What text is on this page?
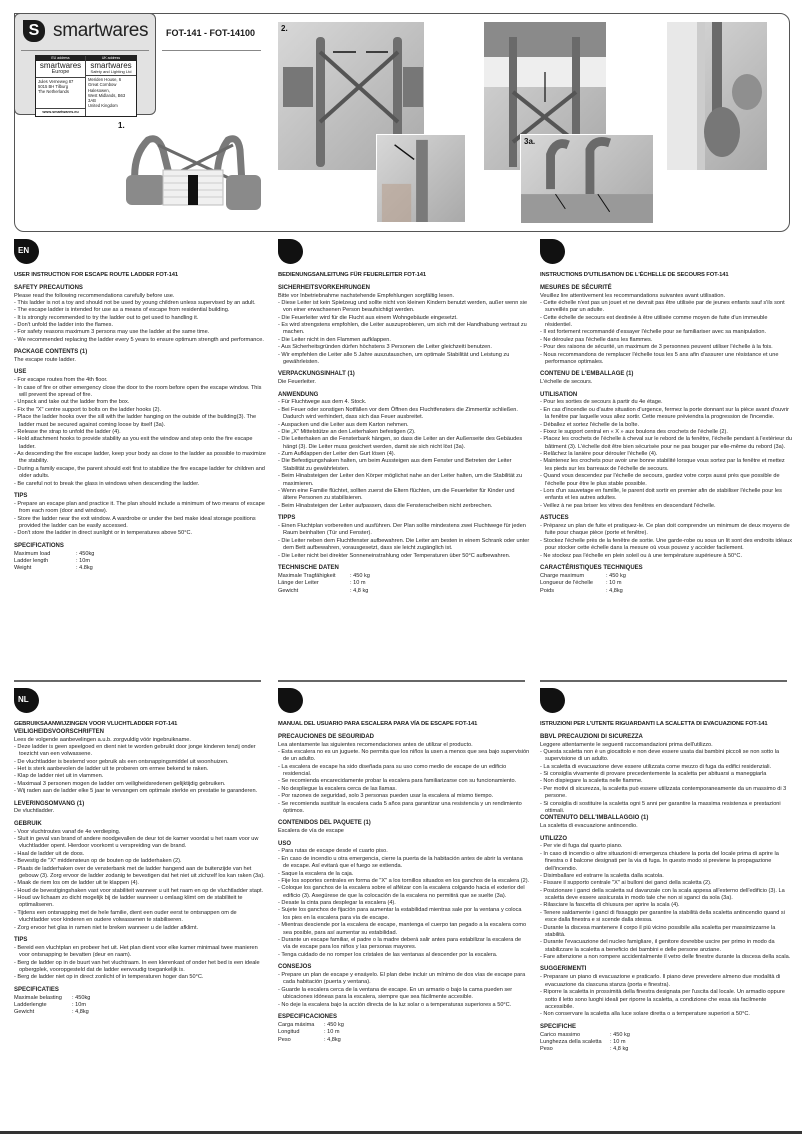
S smartwares
EU address
smartwares
Europe
Jules Verneweg 87
5015 BH Tilburg
The Netherlands
www.smartwares.eu
UK address
smartwares
Safety and Lighting Ltd
Meriden House, 6
Great Cornbow Halesowen,
West Midlands, B63 3AB
United Kingdom
FOT-141 - FOT-14100
1.
2.
3a.
EN
USER INSTRUCTION FOR ESCAPE ROUTE LADDER FOT-141
SAFETY PRECAUTIONS
Please read the following recommendations carefully before use.
- This ladder is not a toy and should not be used by young children unless supervised by an adult.
- The escape ladder is intended for use as a means of escape from residential building.
- It is strongly recommended to try the ladder out to get used to handling it.
- Don't unfold the ladder into the flames.
- For safety reasons maximum 3 persons may use the ladder at the same time.
- We recommended replacing the ladder every 5 years to ensure optimum strength and performance.
PACKAGE CONTENTS (1)
The escape route ladder.
USE
- For escape routes from the 4th floor.
- In case of fire or other emergency close the door to the room before open the escape window. This will prevent the spread of fire.
- Unpack and take out the ladder from the box.
- Fix the "X" centre support to bolts on the ladder hooks (2).
- Place the ladder hooks over the sill with the ladder hanging on the outside of the building(3). The ladder must be secured against coming loose by itself (3a).
- Release the strap to unfold the ladder (4).
- Hold attachment hooks to provide stability as you exit the window and step onto the fire escape ladder.
- As descending the fire escape ladder, keep your body as close to the ladder as possible to maximize the stability.
- During a family escape, the parent should exit first to stabilize the fire escape ladder for children and older adults.
- Be careful not to break the glass in windows when descending the ladder.
TIPS
- Prepare an escape plan and practice it. The plan should include a minimum of two means of escape from each room (door and window).
- Store the ladder near the exit window. A wardrobe or under the bed make ideal storage positions provided the ladder can be easily accessed.
- Don't store the ladder in direct sunlight or in temperatures above 50°C.
SPECIFICATIONS
Maximum load	: 450kg
Ladder length	: 10m
Weight	: 4.8kg
BEDIENUNGSANLEITUNG FÜR FEUERLEITER FOT-141
SICHERHEITSVORKEHRUNGEN
Bitte vor Inbetriebnahme nachstehende Empfehlungen sorgfältig lesen.
- Diese Leiter ist kein Spielzeug und sollte nicht von kleinen Kindern benutzt werden, außer wenn sie von einer erwachsenen Person beaufsichtigt werden.
- Die Feuerleiter wird für die Flucht aus einem Wohngebäude eingesetzt.
- Es wird strengstens empfohlen, die Leiter auszuprobieren, um sich mit der Handhabung vertraut zu machen.
- Die Leiter nicht in den Flammen aufklappen.
- Aus Sicherheitsgründen dürfen höchstens 3 Personen die Leiter gleichzeiti benutzen.
- Wir empfehlen die Leiter alle 5 Jahre auszutauschen, um optimale Stabilität und Leistung zu gewährleisten.
VERPACKUNGSINHALT (1)
Die Feuerleiter.
ANWENDUNG
- Für Fluchtwege aus dem 4. Stock.
- Bei Feuer oder sonstigen Notfällen vor dem Öffnen des Fluchtfensters die Zimmertür schließen. Dadurch wird verhindert, dass sich das Feuer ausbreitet.
- Auspacken und die Leiter aus dem Karton nehmen.
- Die „X" Mittelstütze an den Leiterhaken befestigen (2).
- Die Leiterhaken an die Fensterbank hängen, so dass die Leiter an der Außenseite des Gebäudes hängt (3). Die Leiter muss gesichert werden, damit sie sich nicht löst (3a).
- Zum Aufklappen der Leiter den Gurt lösen (4).
- Die Befestigungshaken halten, um beim Aussteigen aus dem Fenster und Betreten der Leiter Stabilität zu gewährleisten.
- Beim Hinabsteigen der Leiter den Körper möglichst nahe an der Leiter halten, um die Stabilität zu maximieren.
- Wenn eine Familie flüchtet, sollten zuerst die Eltern flüchten, um die Feuerleiter für Kinder und ältere Personen zu stabilisieren.
- Beim Hinabsteigen der Leiter aufpassen, dass die Fensterscheiben nicht zerbrechen.
TIPPS
- Einen Fluchtplan vorbereiten und ausführen. Der Plan sollte mindestens zwei Fluchtwege für jeden Raum beinhalten (Tür und Fenster).
- Die Leiter neben dem Fluchtfenster aufbewahren. Die Leiter am besten in einem Schrank oder unter dem Bett aufbewahren, vorausgesetzt, dass sie leicht zugänglich ist.
- Die Leiter nicht bei direkter Sonneneinstrahlung oder Temperaturen über 50°C aufbewahren.
TECHNISCHE DATEN
Maximale Tragfähigkeit	: 450 kg
Länge der Leiter	: 10 m
Gewicht	: 4,8 kg
INSTRUCTIONS D'UTILISATION DE L'ÉCHELLE DE SECOURS FOT-141
MESURES DE SÉCURITÉ
Veuillez lire attentivement les recommandations suivantes avant utilisation.
- Cette échelle n'est pas un jouet et ne devrait pas être utilisée par de jeunes enfants sauf s'ils sont surveillés par un adulte.
- Cette échelle de secours est destinée à être utilisée comme moyen de fuite d'un immeuble résidentiel.
- Il est fortement recommandé d'essayer l'échelle pour se familiariser avec sa manipulation.
- Ne déroulez pas l'échelle dans les flammes.
- Pour des raisons de sécurité, un maximum de 3 personnes peuvent utiliser l'échelle à la fois.
- Nous recommandons de remplacer l'échelle tous les 5 ans afin d'assurer une résistance et une performance optimales.
CONTENU DE L'EMBALLAGE (1)
L'échelle de secours.
UTILISATION
- Pour les sorties de secours à partir du 4e étage.
- En cas d'incendie ou d'autre situation d'urgence, fermez la porte donnant sur la pièce avant d'ouvrir la fenêtre par laquelle vous allez sortir. Cette mesure préviendra la progression de l'incendie.
- Déballez et sortez l'échelle de la boîte.
- Fixez le support central en « X » aux boulons des crochets de l'échelle (2).
- Placez les crochets de l'échelle à cheval sur le rebord de la fenêtre, l'échelle pendant à l'extérieur du bâtiment (3). L'échelle doit être bien sécurisée pour ne pas bouger par elle-même du rebord (3a).
- Relâchez la lanière pour dérouler l'échelle (4).
- Maintenez les crochets pour avoir une bonne stabilité lorsque vous sortez par la fenêtre et mettez les pieds sur les barreaux de l'échelle de secours.
- Quand vous descendez par l'échelle de secours, gardez votre corps aussi près que possible de l'échelle pour être le plus stable possible.
- Lors d'un sauvetage en famille, le parent doit sortir en premier afin de stabiliser l'échelle pour les enfants et les autres adultes.
- Veillez à ne pas briser les vitres des fenêtres en descendant l'échelle.
ASTUCES
- Préparez un plan de fuite et pratiquez-le. Ce plan doit comprendre un minimum de deux moyens de fuite pour chaque pièce (porte et fenêtre).
- Stockez l'échelle près de la fenêtre de sortie. Une garde-robe ou sous un lit sont des endroits idéaux pour stocker cette échelle dans la mesure où vous pouvez y accéder facilement.
- Ne stockez pas l'échelle en plein soleil ou à une température supérieure à 50°C.
CARACTÉRISTIQUES TECHNIQUES
Charge maximum	: 450 kg
Longueur de l'échelle	: 10 m
Poids	: 4,8kg
NL
GEBRUIKSAANWIJZINGEN VOOR VLUCHTLADDER FOT-141
VEILIGHEIDSVOORSCHRIFTEN
Lees de volgende aanbevelingen a.u.b. zorgvuldig vóór ingebruikname.
- Deze ladder is geen speelgoed en dient niet te worden gebruikt door jonge kinderen tenzij onder toezicht van een volwassene.
- De vluchtladder is bestemd voor gebruik als een ontsnappingsmiddel uit woonhuizen.
- Het is sterk aanbevolen de ladder uit te proberen om ermee bekend te raken.
- Klap de ladder niet uit in vlammen.
- Maximaal 3 personen mogen de ladder om veiligheidsredenen gelijktijdig gebruiken.
- Wij raden aan de ladder elke 5 jaar te vervangen om optimale sterkte en prestatie te garanderen.
LEVERINGSOMVANG (1)
De vluchtladder.
GEBRUIK
- Voor vluchtroutes vanaf de 4e verdieping.
- Sluit in geval van brand of andere noodgevallen de deur tot de kamer voordat u het raam voor uw vluchtladder opent. Hierdoor voorkomt u verspreiding van de brand.
- Haal de ladder uit de doos.
- Bevestig de "X" middensteun op de bouten op de ladderhaken (2).
- Plaats de ladderhaken over de vensterbank met de ladder hangend aan de buitenzijde van het gebouw (3). Zorg ervoor de ladder zodanig te bevestigen dat het niet uit zichzelf los kan raken (3a).
- Maak de riem los om de ladder uit te klappen (4).
- Houd de bevestigingshaken vast voor stabiliteit wanneer u uit het raam en op de vluchtladder stapt.
- Houd uw lichaam zo dicht mogelijk bij de ladder wanneer u omlaag klimt om de stabiliteit te optimaliseren.
- Tijdens een ontsnapping met de hele familie, dient een ouder eerst te ontsnappen om de vluchtladder voor kinderen en oudere volwassenen te stabiliseren.
- Zorg ervoor het glas in ramen niet te breken wanneer u de ladder afklimt.
TIPS
- Bereid een vluchtplan en probeer het uit. Het plan dient voor elke kamer minimaal twee manieren voor ontsnapping te bevatten (deur en raam).
- Berg de ladder op in de buurt van het vluchtraam. In een klerenkast of onder het bed is een ideale opbergplek, vooropgesteld dat de ladder eenvoudig toegankelijk is.
- Berg de ladder niet op in direct zonlicht of in temperaturen hoger dan 50°C.
SPECIFICATIES
Maximale belasting	: 450kg
Ladderlengte	: 10m
Gewicht	: 4,8kg
MANUAL DEL USUARIO PARA ESCALERA PARA VÍA DE ESCAPE FOT-141
PRECAUCIONES DE SEGURIDAD
Lea atentamente las siguientes recomendaciones antes de utilizar el producto.
- Esta escalera no es un juguete. No permita que los niños la usen a menos que sea bajo supervisión de un adulto.
- La escalera de escape ha sido diseñada para su uso como medio de escape de un edificio residencial.
- Se recomienda encarecidamente probar la escalera para familiarizarse con su funcionamiento.
- No despliegue la escalera cerca de las llamas.
- Por razones de seguridad, solo 3 personas pueden usar la escalera al mismo tiempo.
- Se recomienda sustituir la escalera cada 5 años para garantizar una resistencia y un rendimiento óptimos.
CONTENIDOS DEL PAQUETE (1)
Escalera de vía de escape
USO
- Para rutas de escape desde el cuarto piso.
- En caso de incendio u otra emergencia, cierre la puerta de la habitación antes de abrir la ventana de escape. Así evitará que el fuego se extienda.
- Saque la escalera de la caja.
- Fije los soportes centrales en forma de "X" a los tornillos situados en los ganchos de la escalera (2).
- Coloque los ganchos de la escalera sobre el alféizar con la escalera colgando hacia el exterior del edificio (3). Asegúrese de que la colocación de la escalera no permitirá que se suelte (3a).
- Desate la cinta para desplegar la escalera (4).
- Sujete los ganchos de fijación para aumentar la estabilidad mientras sale por la ventana y coloca los pies en la escalera para vía de escape.
- Mientras desciende por la escalera de escape, mantenga el cuerpo tan pegado a la escalera como sea posible, para así aumentar su estabilidad.
- Durante un escape familiar, el padre o la madre deberá salir antes para estabilizar la escalera de vía de escape para los niños y las personas mayores.
- Tenga cuidado de no romper los cristales de las ventanas al descender por la escalera.
CONSEJOS
- Prepare un plan de escape y ensáyelo. El plan debe incluir un mínimo de dos vías de escape para cada habitación (puerta y ventana).
- Guarde la escalera cerca de la ventana de escape. En un armario o bajo la cama pueden ser ubicaciones idóneas para la escalera, siempre que sea fácilmente accesible.
- No deje la escalera bajo la acción directa de la luz solar o a temperaturas superiores a 50°C.
ESPECIFICACIONES
Carga máxima	: 450 kg
Longitud	: 10 m
Peso	: 4,8kg
ISTRUZIONI PER L'UTENTE RIGUARDANTI LA SCALETTA DI EVACUAZIONE FOT-141
BBVL PRECAUZIONI DI SICUREZZA
Leggere attentamente le seguenti raccomandazioni prima dell'utilizzo.
- Questa scaletta non è un giocattolo e non deve essere usata dai bambini piccoli se non sotto la supervisione di un adulto.
- La scaletta di evacuazione deve essere utilizzata come mezzo di fuga da edifici residenziali.
- Si consiglia vivamente di provare precedentemente la scaletta per abituarsi a maneggiarla
- Non dispiegare la scaletta nelle fiamme.
- Per motivi di sicurezza, la scaletta può essere utilizzata contemporaneamente da un massimo di 3 persone.
- Si consiglia di sostituire la scaletta ogni 5 anni per garantire la massima resistenza e prestazioni ottimali.
CONTENUTO DELL'IMBALLAGGIO (1)
La scaletta di evacuazione antincendio.
UTILIZZO
- Per vie di fuga dal quarto piano.
- In caso di incendio o altre situazioni di emergenza chiudere la porta del locale prima di aprire la finestra o il balcone designati per la via di fuga. In questo modo si previene la propagazione dell'incendio.
- Disimballare ed estrarre la scaletta dalla scatola.
- Fissare il supporto centrale "X" ai bulloni dei ganci della scaletta (2).
- Posizionare i ganci della scaletta sul davanzale con la scala appesa all'esterno dell'edificio (3). La scaletta deve essere assicurata in modo tale che non si sganci da sola (3a).
- Rilasciare la fascetta di chiusura per aprire la scala (4).
- Tenere saldamente i ganci di fissaggio per garantire la stabilità della scaletta antincendio quand si esce dalla finestra e si scende dalla stessa.
- Durante la discesa mantenere il corpo il più vicino possibile alla scaletta per massimizzarne la stabilità.
- Durante l'evacuazione del nucleo famigliare, il genitore dovrebbe uscire per primo in modo da stabilizzare la scaletta a beneficio dei bambini e delle persone anziane.
- Fare attenzione a non rompere accidentalmente il vetro delle finestre durante la discesa della scala.
SUGGERIMENTI
- Preparare un piano di evacuazione e praticarlo. Il piano deve prevedere almeno due modalità di evacuazione da ciascuna stanza (porta e finestra).
- Riporre la scaletta in prossimità della finestra designata per l'uscita dal locale. Un armadio oppure sotto il letto sono luoghi ideali per riporre la scaletta, a condizione che essa sia facilmente accessibile.
- Non conservare la scaletta alla luce solare diretta o a temperature superiori a 50°C.
SPECIFICHE
Carico massimo	: 450 kg
Lunghezza della scaletta	: 10 m
Peso	: 4,8 kg
